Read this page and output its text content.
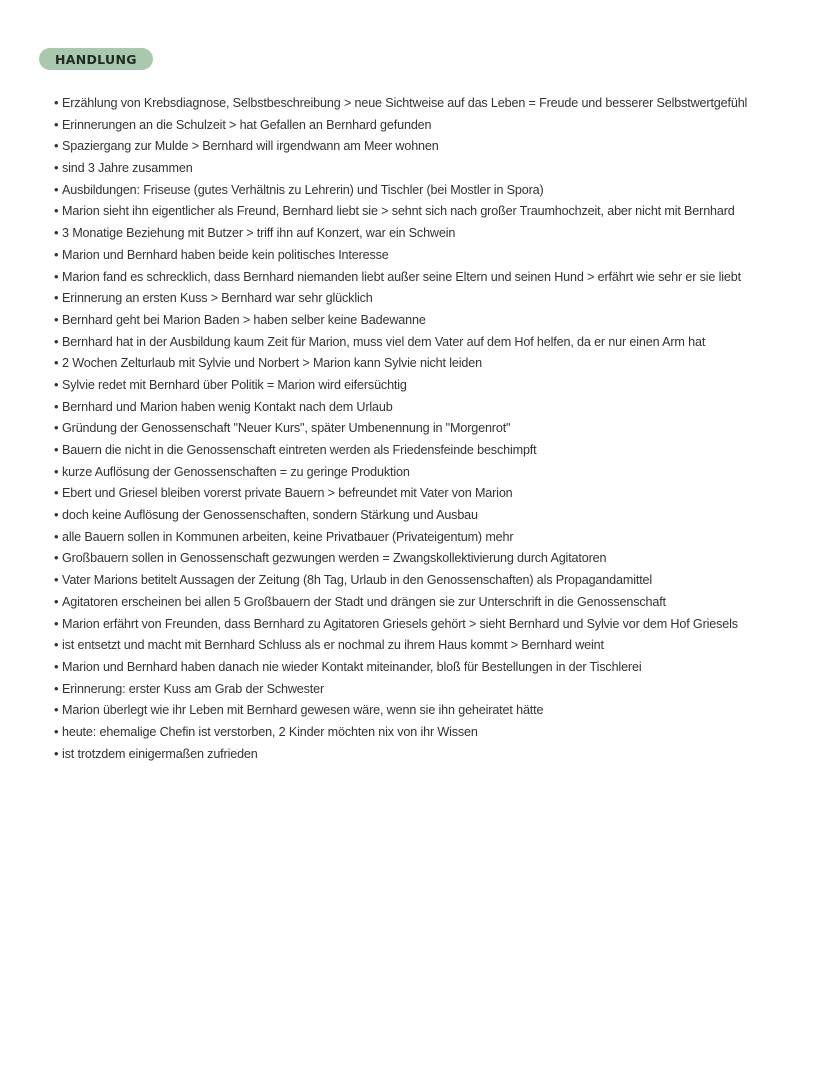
HANDLUNG
• Erzählung von Krebsdiagnose, Selbstbeschreibung > neue Sichtweise auf das Leben = Freude und besserer Selbstwertgefühl
• Erinnerungen an die Schulzeit > hat Gefallen an Bernhard gefunden
• Spaziergang zur Mulde > Bernhard will irgendwann am Meer wohnen
• sind 3 Jahre zusammen
• Ausbildungen: Friseuse (gutes Verhältnis zu Lehrerin) und Tischler (bei Mostler in Spora)
• Marion sieht ihn eigentlicher als Freund, Bernhard liebt sie > sehnt sich nach großer Traumhochzeit, aber nicht mit Bernhard
• 3 Monatige Beziehung mit Butzer > triff ihn auf Konzert, war ein Schwein
• Marion und Bernhard haben beide kein politisches Interesse
• Marion fand es schrecklich, dass Bernhard niemanden liebt außer seine Eltern und seinen Hund > erfährt wie sehr er sie liebt
• Erinnerung an ersten Kuss > Bernhard war sehr glücklich
• Bernhard geht bei Marion Baden > haben selber keine Badewanne
• Bernhard hat in der Ausbildung kaum Zeit für Marion, muss viel dem Vater auf dem Hof helfen, da er nur einen Arm hat
• 2 Wochen Zelturlaub mit Sylvie und Norbert > Marion kann Sylvie nicht leiden
• Sylvie redet mit Bernhard über Politik = Marion wird eifersüchtig
• Bernhard und Marion haben wenig Kontakt nach dem Urlaub
• Gründung der Genossenschaft "Neuer Kurs", später Umbenennung in "Morgenrot"
• Bauern die nicht in die Genossenschaft eintreten werden als Friedensfeinde beschimpft
• kurze Auflösung der Genossenschaften = zu geringe Produktion
• Ebert und Griesel bleiben vorerst private Bauern > befreundet mit Vater von Marion
• doch keine Auflösung der Genossenschaften, sondern Stärkung und Ausbau
• alle Bauern sollen in Kommunen arbeiten, keine Privatbauer (Privateigentum) mehr
• Großbauern sollen in Genossenschaft gezwungen werden = Zwangskollektivierung durch Agitatoren
• Vater Marions betitelt Aussagen der Zeitung (8h Tag, Urlaub in den Genossenschaften) als Propagandamittel
• Agitatoren erscheinen bei allen 5 Großbauern der Stadt und drängen sie zur Unterschrift in die Genossenschaft
• Marion erfährt von Freunden, dass Bernhard zu Agitatoren Griesels gehört > sieht Bernhard und Sylvie vor dem Hof Griesels
• ist entsetzt und macht mit Bernhard Schluss als er nochmal zu ihrem Haus kommt > Bernhard weint
• Marion und Bernhard haben danach nie wieder Kontakt miteinander, bloß für Bestellungen in der Tischlerei
• Erinnerung: erster Kuss am Grab der Schwester
• Marion überlegt wie ihr Leben mit Bernhard gewesen wäre, wenn sie ihn geheiratet hätte
• heute: ehemalige Chefin ist verstorben, 2 Kinder möchten nix von ihr Wissen
• ist trotzdem einigermaßen zufrieden
